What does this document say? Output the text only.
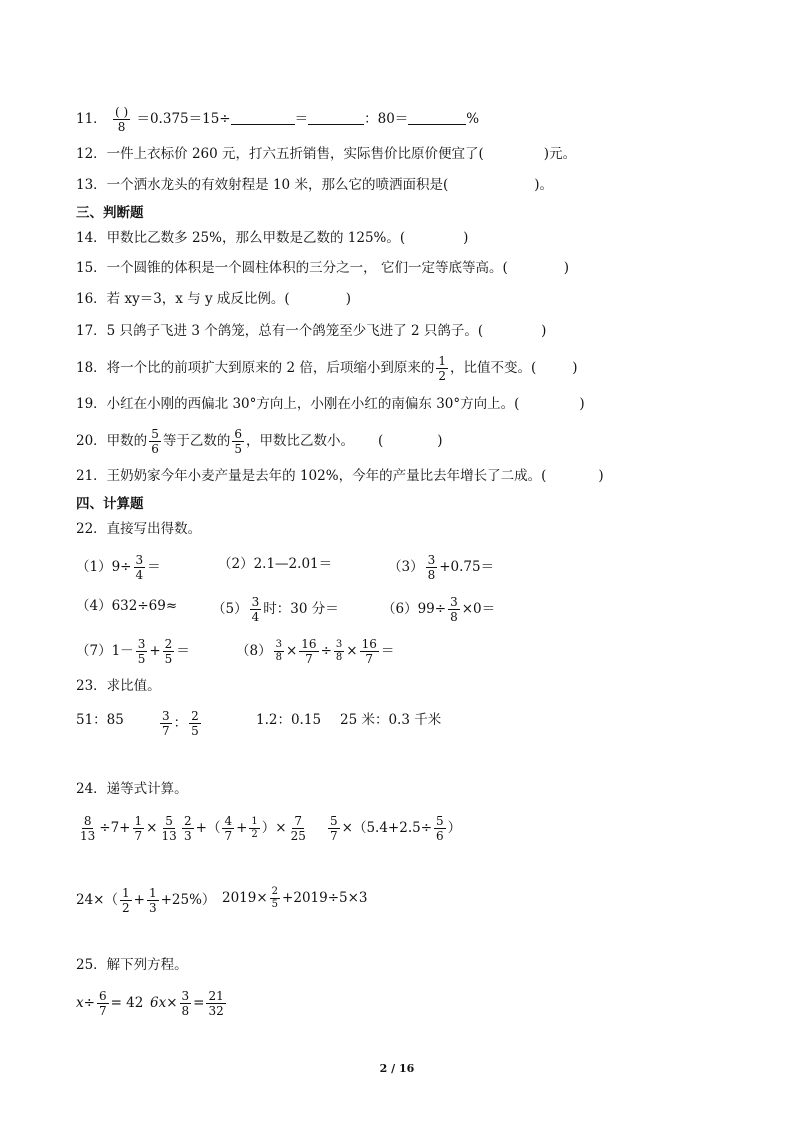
11． $\frac{( )}{8} =0.375=15\div$	＝	：80＝	%
12．一件上衣标价 260 元，打六五折销售，实际售价比原价便宜了(	)元。
13．一个洒水龙头的有效射程是 10 米，那么它的喷洒面积是(	)。
三、判断题
14．甲数比乙数多 25%，那么甲数是乙数的 125%。(	)
15．一个圆锥的体积是一个圆柱体积的三分之一， 它们一定等底等高。(	)
16．若 xy＝3，x 与 y 成反比例。(	)
17．5 只鸽子飞进 3 个鸽笼，总有一个鸽笼至少飞进了 2 只鸽子。(	)
18．将一个比的前项扩大到原来的 2 倍，后项缩小到原来的 $\frac{1}{2}$ ，比值不变。(	)
19．小红在小刚的西偏北 30°方向上，小刚在小红的南偏东 30°方向上。(	)
20．甲数的 $\frac{5}{6}$ 等于乙数的 $\frac{6}{5}$ ，甲数比乙数小。 (	)
21．王奶奶家今年小麦产量是去年的 102%，今年的产量比去年增长了二成。(	)
四、计算题
22．直接写出得数。
$(1)9\div \frac{3}{4}$ ＝	（2）2.1—2.01＝	$(3) \frac{3}{8} +0.75=$
（4）632÷69≈	$(5) \frac{3}{4}$ 时：30 分＝	$(6)99\div \frac{3}{8} \times 0=$
$(7)1- \frac{3}{5} + \frac{2}{5}$ ＝	$(8) \frac{3}{8} \times \frac{16}{7} \div \frac{3}{8} \times \frac{16}{7}$ ＝
23．求比值。
51：85	$\frac{3}{7}$ ： $\frac{2}{5}$	1.2：0.15 25 米：0.3 千米
24．递等式计算。
$\frac{8}{13} \div 7+ \frac{1}{7} \times \frac{5}{13} \frac{2}{3}$ +（ $\frac{4}{7} + \frac{1}{2}$ ）× $\frac{7}{25} \frac{5}{7} \times(5.4+2.5\div \frac{5}{6}$ ）
$24\times( \frac{1}{2} + \frac{1}{3} +25\%)$ $2019\times \frac{2}{5} +2019\div 5\times 3$
25．解下列方程。
$x\div \frac{6}{7} = 42$ $6x\times \frac{3}{8} = \frac{21}{32}$
2 / 16
